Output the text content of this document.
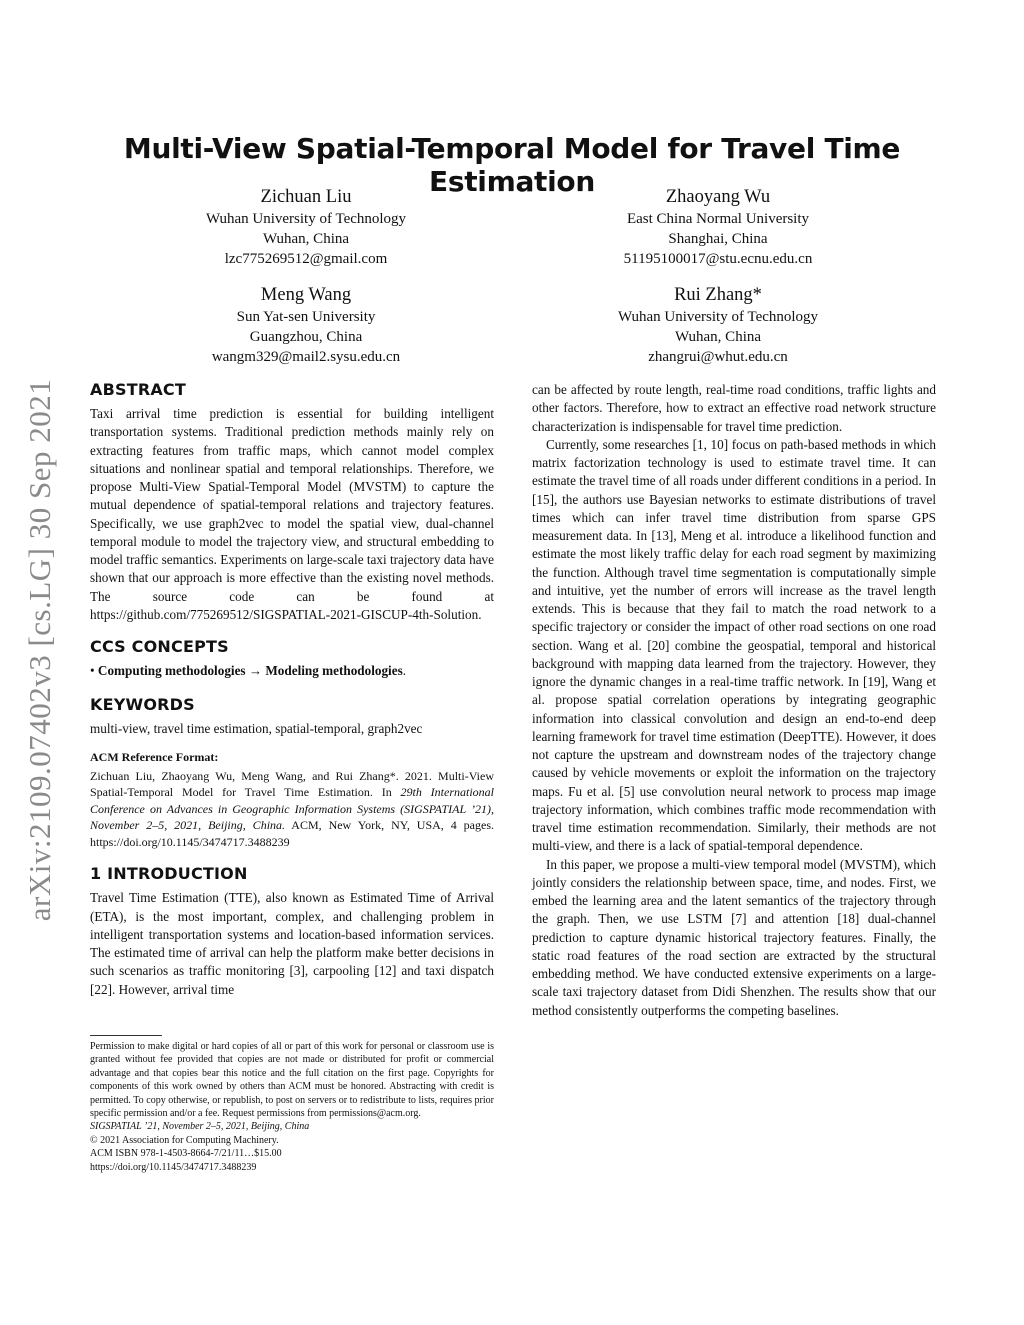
arXiv:2109.07402v3 [cs.LG] 30 Sep 2021
Multi-View Spatial-Temporal Model for Travel Time Estimation
Zichuan Liu
Wuhan University of Technology
Wuhan, China
lzc775269512@gmail.com
Zhaoyang Wu
East China Normal University
Shanghai, China
51195100017@stu.ecnu.edu.cn
Meng Wang
Sun Yat-sen University
Guangzhou, China
wangm329@mail2.sysu.edu.cn
Rui Zhang*
Wuhan University of Technology
Wuhan, China
zhangrui@whut.edu.cn
ABSTRACT

Taxi arrival time prediction is essential for building intelligent transportation systems. Traditional prediction methods mainly rely on extracting features from traffic maps, which cannot model complex situations and nonlinear spatial and temporal relationships. Therefore, we propose Multi-View Spatial-Temporal Model (MVSTM) to capture the mutual dependence of spatial-temporal relations and trajectory features. Specifically, we use graph2vec to model the spatial view, dual-channel temporal module to model the trajectory view, and structural embedding to model traffic semantics. Experiments on large-scale taxi trajectory data have shown that our approach is more effective than the existing novel methods. The source code can be found at https://github.com/775269512/SIGSPATIAL-2021-GISCUP-4th-Solution.

CCS CONCEPTS

• Computing methodologies → Modeling methodologies.

KEYWORDS

multi-view, travel time estimation, spatial-temporal, graph2vec

ACM Reference Format:

Zichuan Liu, Zhaoyang Wu, Meng Wang, and Rui Zhang*. 2021. Multi-View Spatial-Temporal Model for Travel Time Estimation. In 29th International Conference on Advances in Geographic Information Systems (SIGSPATIAL ’21), November 2–5, 2021, Beijing, China. ACM, New York, NY, USA, 4 pages. https://doi.org/10.1145/3474717.3488239

1 INTRODUCTION

Travel Time Estimation (TTE), also known as Estimated Time of Arrival (ETA), is the most important, complex, and challenging problem in intelligent transportation systems and location-based information services. The estimated time of arrival can help the platform make better decisions in such scenarios as traffic monitoring [3], carpooling [12] and taxi dispatch [22]. However, arrival time

Permission to make digital or hard copies of all or part of this work for personal or classroom use is granted without fee provided that copies are not made or distributed for profit or commercial advantage and that copies bear this notice and the full citation on the first page. Copyrights for components of this work owned by others than ACM must be honored. Abstracting with credit is permitted. To copy otherwise, or republish, to post on servers or to redistribute to lists, requires prior specific permission and/or a fee. Request permissions from permissions@acm.org.

SIGSPATIAL ’21, November 2–5, 2021, Beijing, China

© 2021 Association for Computing Machinery.

ACM ISBN 978-1-4503-8664-7/21/11…$15.00

https://doi.org/10.1145/3474717.3488239

can be affected by route length, real-time road conditions, traffic lights and other factors. Therefore, how to extract an effective road network structure characterization is indispensable for travel time prediction.

Currently, some researches [1, 10] focus on path-based methods in which matrix factorization technology is used to estimate travel time. It can estimate the travel time of all roads under different conditions in a period. In [15], the authors use Bayesian networks to estimate distributions of travel times which can infer travel time distribution from sparse GPS measurement data. In [13], Meng et al. introduce a likelihood function and estimate the most likely traffic delay for each road segment by maximizing the function. Although travel time segmentation is computationally simple and intuitive, yet the number of errors will increase as the travel length extends. This is because that they fail to match the road network to a specific trajectory or consider the impact of other road sections on one road section. Wang et al. [20] combine the geospatial, temporal and historical background with mapping data learned from the trajectory. However, they ignore the dynamic changes in a real-time traffic network. In [19], Wang et al. propose spatial correlation operations by integrating geographic information into classical convolution and design an end-to-end deep learning framework for travel time estimation (DeepTTE). However, it does not capture the upstream and downstream nodes of the trajectory change caused by vehicle movements or exploit the information on the trajectory maps. Fu et al. [5] use convolution neural network to process map image trajectory information, which combines traffic mode recommendation with travel time estimation recommendation. Similarly, their methods are not multi-view, and there is a lack of spatial-temporal dependence.

In this paper, we propose a multi-view temporal model (MVSTM), which jointly considers the relationship between space, time, and nodes. First, we embed the learning area and the latent semantics of the trajectory through the graph. Then, we use LSTM [7] and attention [18] dual-channel prediction to capture dynamic historical trajectory features. Finally, the static road features of the road section are extracted by the structural embedding method. We have conducted extensive experiments on a large-scale taxi trajectory dataset from Didi Shenzhen. The results show that our method consistently outperforms the competing baselines.
